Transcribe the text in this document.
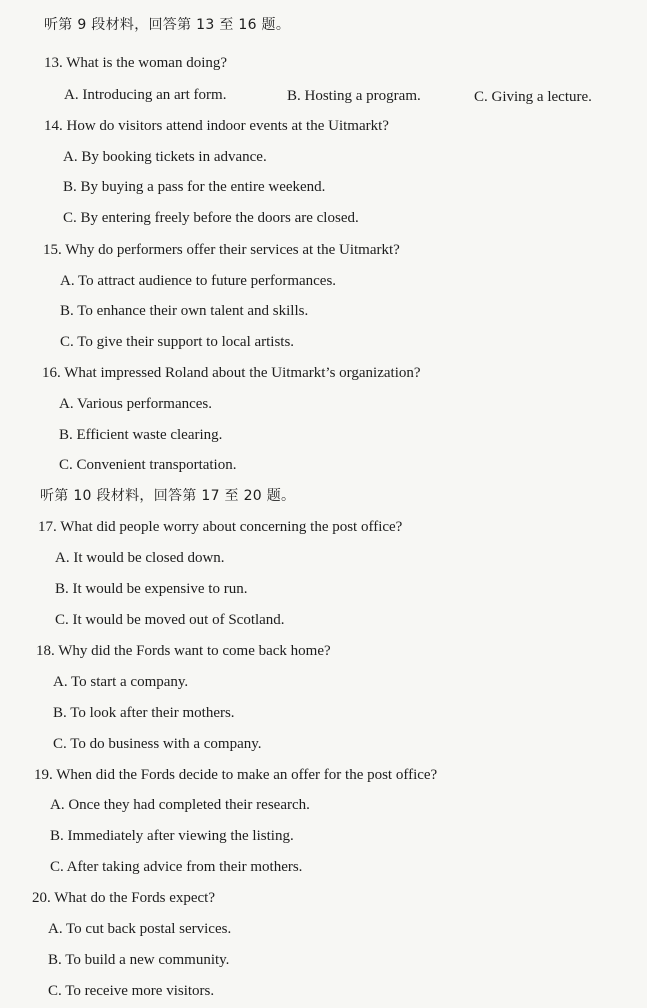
听第 9 段材料，回答第 13 至 16 题。
13. What is the woman doing?
A. Introducing an art form.	B. Hosting a program.	C. Giving a lecture.
14. How do visitors attend indoor events at the Uitmarkt?
A. By booking tickets in advance.
B. By buying a pass for the entire weekend.
C. By entering freely before the doors are closed.
15. Why do performers offer their services at the Uitmarkt?
A. To attract audience to future performances.
B. To enhance their own talent and skills.
C. To give their support to local artists.
16. What impressed Roland about the Uitmarkt’s organization?
A. Various performances.
B. Efficient waste clearing.
C. Convenient transportation.
听第 10 段材料，回答第 17 至 20 题。
17. What did people worry about concerning the post office?
A. It would be closed down.
B. It would be expensive to run.
C. It would be moved out of Scotland.
18. Why did the Fords want to come back home?
A. To start a company.
B. To look after their mothers.
C. To do business with a company.
19. When did the Fords decide to make an offer for the post office?
A. Once they had completed their research.
B. Immediately after viewing the listing.
C. After taking advice from their mothers.
20. What do the Fords expect?
A. To cut back postal services.
B. To build a new community.
C. To receive more visitors.
